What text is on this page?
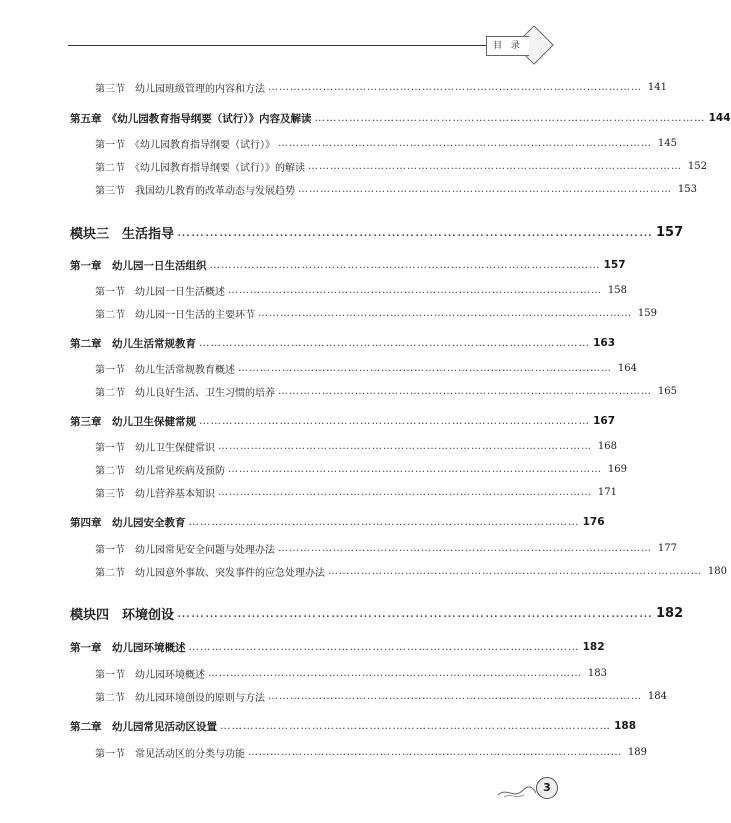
目 录
第三节　幼儿园班级管理的内容和方法 ………………………………………………………………………………………… 141
第五章　《幼儿园教育指导纲要（试行）》内容及解读 ………………………………………………………………………………………… 144
第一节　《幼儿园教育指导纲要（试行）》 ………………………………………………………………………………………… 145
第二节　《幼儿园教育指导纲要（试行）》的解读 ………………………………………………………………………………………… 152
第三节　我国幼儿教育的改革动态与发展趋势 ………………………………………………………………………………………… 153
模块三　生活指导 ………………………………………………………………………………………… 157
第一章　幼儿园一日生活组织 ………………………………………………………………………………………… 157
第一节　幼儿园一日生活概述 ………………………………………………………………………………………… 158
第二节　幼儿园一日生活的主要环节 ………………………………………………………………………………………… 159
第二章　幼儿生活常规教育 ………………………………………………………………………………………… 163
第一节　幼儿生活常规教育概述 ………………………………………………………………………………………… 164
第二节　幼儿良好生活、卫生习惯的培养 ………………………………………………………………………………………… 165
第三章　幼儿卫生保健常规 ………………………………………………………………………………………… 167
第一节　幼儿卫生保健常识 ………………………………………………………………………………………… 168
第二节　幼儿常见疾病及预防 ………………………………………………………………………………………… 169
第三节　幼儿营养基本知识 ………………………………………………………………………………………… 171
第四章　幼儿园安全教育 ………………………………………………………………………………………… 176
第一节　幼儿园常见安全问题与处理办法 ………………………………………………………………………………………… 177
第二节　幼儿园意外事故、突发事件的应急处理办法 ………………………………………………………………………………………… 180
模块四　环境创设 ………………………………………………………………………………………… 182
第一章　幼儿园环境概述 ………………………………………………………………………………………… 182
第一节　幼儿园环境概述 ………………………………………………………………………………………… 183
第二节　幼儿园环境创设的原则与方法 ………………………………………………………………………………………… 184
第二章　幼儿园常见活动区设置 ………………………………………………………………………………………… 188
第一节　常见活动区的分类与功能 ………………………………………………………………………………………… 189
3
